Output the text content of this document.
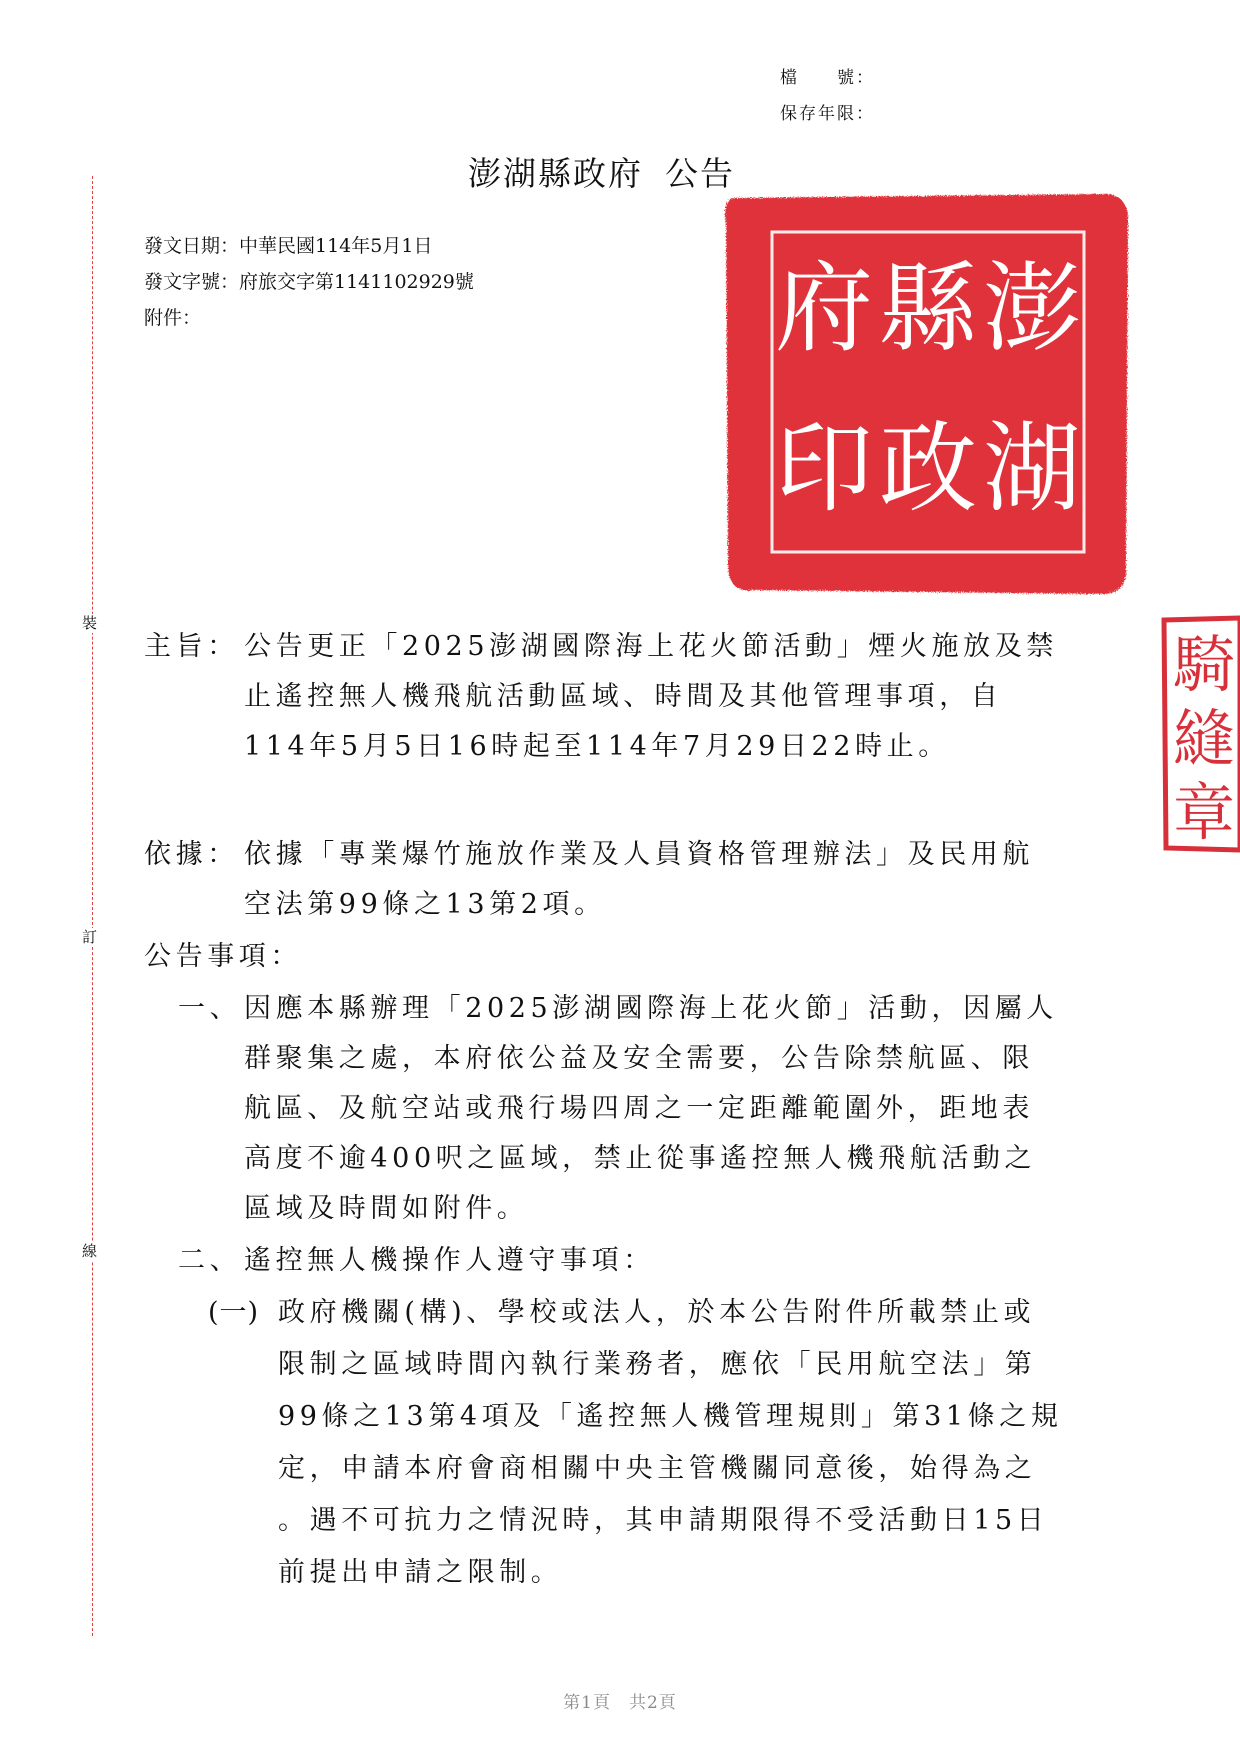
檔　　號：
保存年限：
澎湖縣政府 公告
發文日期：中華民國114年5月1日
發文字號：府旅交字第1141102929號
附件：
裝
訂
線
澎
湖
縣
政
府
印
騎
縫
章
主旨： 公告更正「2025澎湖國際海上花火節活動」煙火施放及禁
止遙控無人機飛航活動區域、時間及其他管理事項，自
114年5月5日16時起至114年7月29日22時止。
依據： 依據「專業爆竹施放作業及人員資格管理辦法」及民用航
空法第99條之13第2項。
公告事項：
一、 因應本縣辦理「2025澎湖國際海上花火節」活動，因屬人
群聚集之處，本府依公益及安全需要，公告除禁航區、限
航區、及航空站或飛行場四周之一定距離範圍外，距地表
高度不逾400呎之區域，禁止從事遙控無人機飛航活動之
區域及時間如附件。
二、 遙控無人機操作人遵守事項：
(一) 政府機關(構)、學校或法人，於本公告附件所載禁止或
限制之區域時間內執行業務者，應依「民用航空法」第
99條之13第4項及「遙控無人機管理規則」第31條之規
定，申請本府會商相關中央主管機關同意後，始得為之
。遇不可抗力之情況時，其申請期限得不受活動日15日
前提出申請之限制。
第1頁　共2頁
